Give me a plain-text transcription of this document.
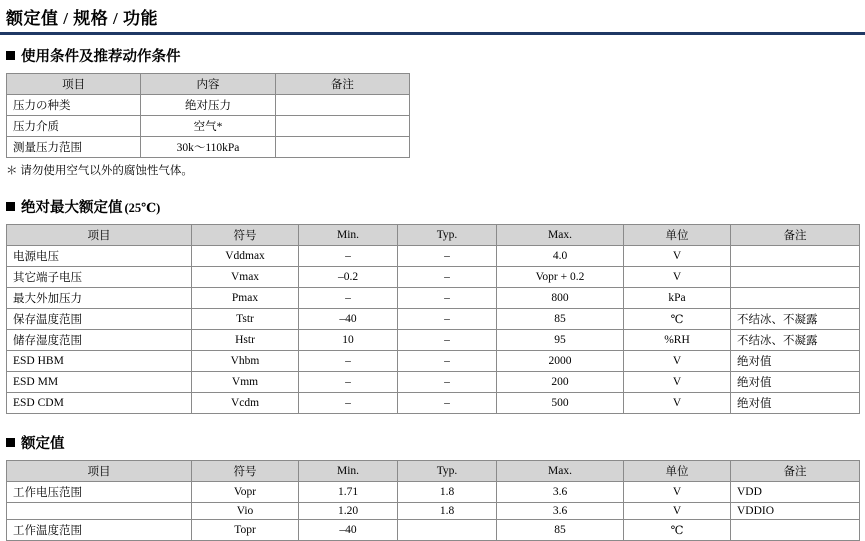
额定值 / 规格 / 功能
使用条件及推荐动作条件
项目	内容	备注
压力の种类	绝对压力	
压力介质	空气*	
测量压力范围	30k～110kPa	
＊ 请勿使用空气以外的腐蚀性气体。
绝对最大额定值 (25℃)
项目	符号	Min.	Typ.	Max.	单位	备注
电源电压	Vddmax	–	–	4.0	V	
其它端子电压	Vmax	–0.2	–	Vopr + 0.2	V	
最大外加压力	Pmax	–	–	800	kPa	
保存温度范围	Tstr	–40	–	85	℃	不结冰、不凝露
储存湿度范围	Hstr	10	–	95	%RH	不结冰、不凝露
ESD HBM	Vhbm	–	–	2000	V	绝对值
ESD MM	Vmm	–	–	200	V	绝对值
ESD CDM	Vcdm	–	–	500	V	绝对值
额定值
项目	符号	Min.	Typ.	Max.	单位	备注
工作电压范围	Vopr	1.71	1.8	3.6	V	VDD
	Vio	1.20	1.8	3.6	V	VDDIO
工作温度范围	Topr	–40		85	℃	
